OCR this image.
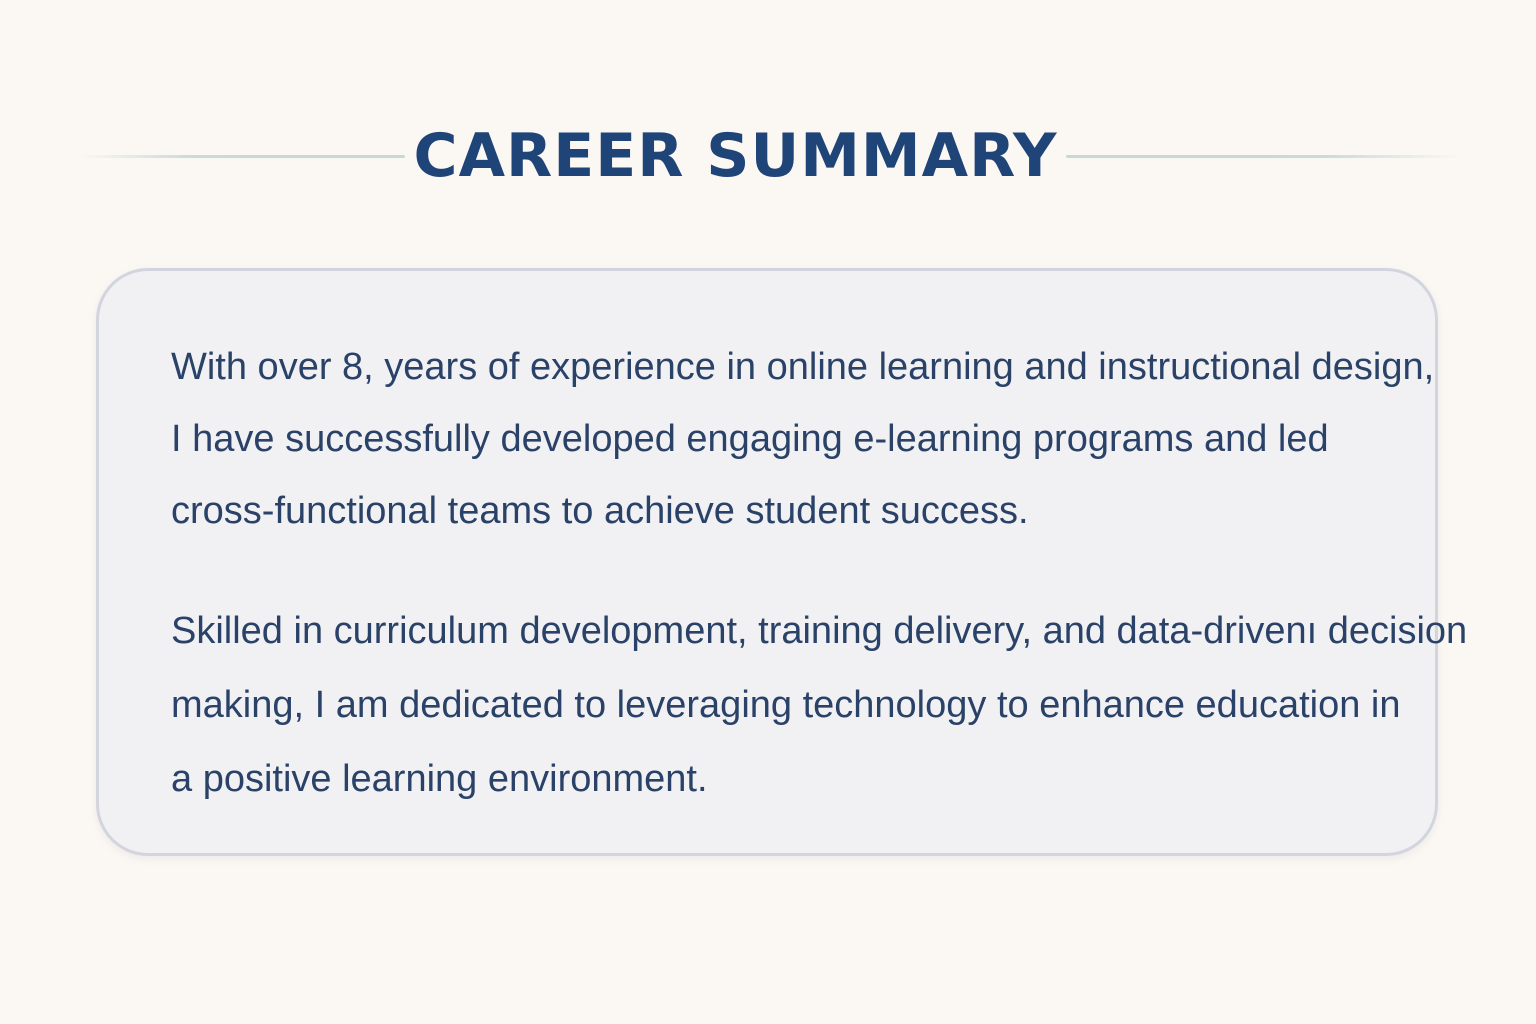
CAREER SUMMARY

With over 8, years of experience in online learning and instructional design,
I have successfully developed engaging e-learning programs and led
cross-functional teams to achieve student success.

Skilled in curriculum development, training delivery, and data-drivenı decision
making, I am dedicated to leveraging technology to enhance education in
a positive learning environment.
